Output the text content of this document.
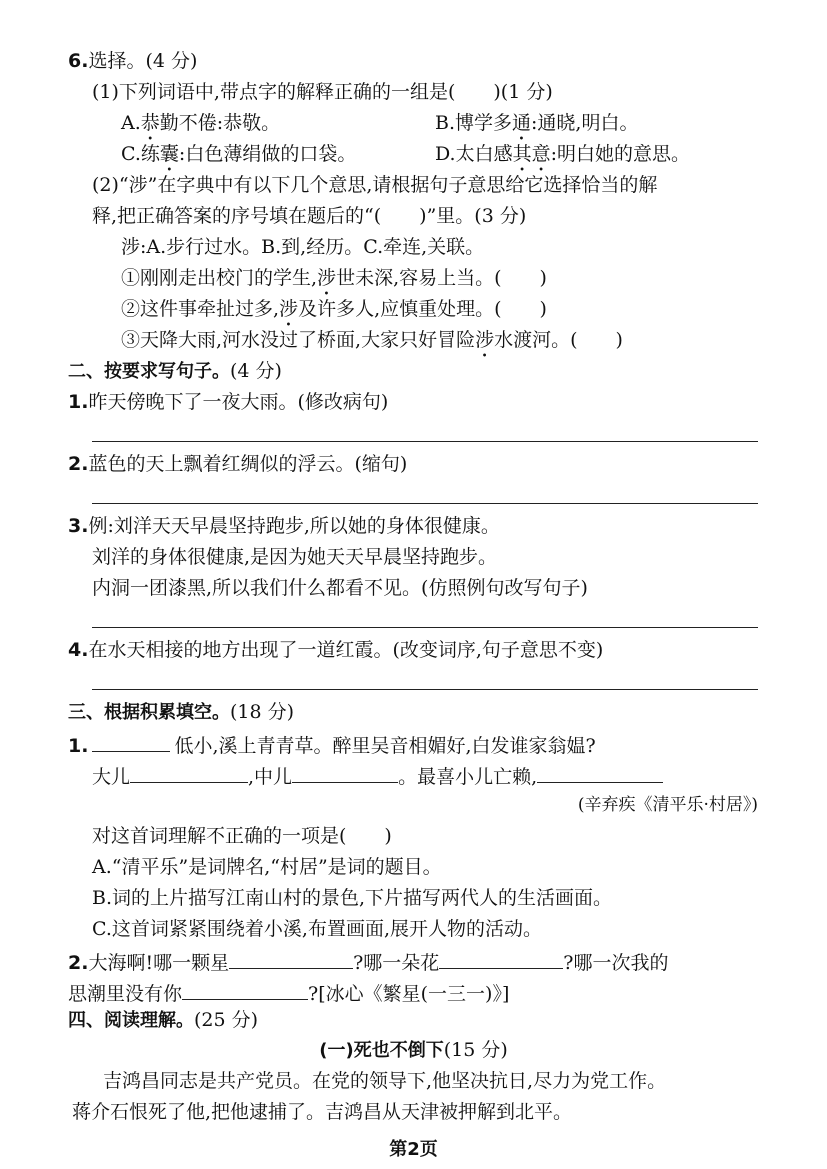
6.选择。(4 分)
(1)下列词语中,带点字的解释正确的一组是(　　)(1 分)
A.恭勤不倦:恭敬。	B.博学多通:通晓,明白。
C.练囊:白色薄绢做的口袋。	D.太白感其意:明白她的意思。
(2)“涉”在字典中有以下几个意思,请根据句子意思给它选择恰当的解
释,把正确答案的序号填在题后的“(　　)”里。(3 分)
涉:A.步行过水。B.到,经历。C.牵连,关联。
①刚刚走出校门的学生,涉世未深,容易上当。(　　)
②这件事牵扯过多,涉及许多人,应慎重处理。(　　)
③天降大雨,河水没过了桥面,大家只好冒险涉水渡河。(　　)
二、按要求写句子。(4 分)
1.昨天傍晚下了一夜大雨。(修改病句)
2.蓝色的天上飘着红绸似的浮云。(缩句)
3.例:刘洋天天早晨坚持跑步,所以她的身体很健康。
刘洋的身体很健康,是因为她天天早晨坚持跑步。
内洞一团漆黑,所以我们什么都看不见。(仿照例句改写句子)
4.在水天相接的地方出现了一道红霞。(改变词序,句子意思不变)
三、根据积累填空。(18 分)
1.	低小,溪上青青草。醉里吴音相媚好,白发谁家翁媪?
大儿	,中儿	。最喜小儿亡赖,
(辛弃疾《清平乐·村居》)
对这首词理解不正确的一项是(　　)
A.“清平乐”是词牌名,“村居”是词的题目。
B.词的上片描写江南山村的景色,下片描写两代人的生活画面。
C.这首词紧紧围绕着小溪,布置画面,展开人物的活动。
2.大海啊!哪一颗星	?哪一朵花	?哪一次我的
思潮里没有你	?[冰心《繁星(一三一)》]
四、阅读理解。(25 分)
(一)死也不倒下(15 分)
吉鸿昌同志是共产党员。在党的领导下,他坚决抗日,尽力为党工作。
蒋介石恨死了他,把他逮捕了。吉鸿昌从天津被押解到北平。
第2页
